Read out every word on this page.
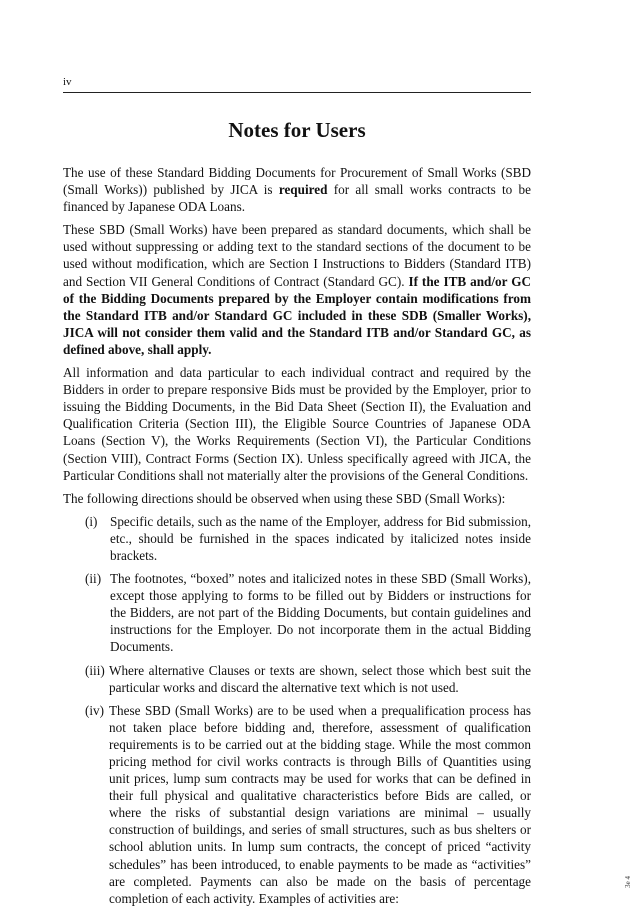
iv
Notes for Users

The use of these Standard Bidding Documents for Procurement of Small Works (SBD (Small Works)) published by JICA is required for all small works contracts to be financed by Japanese ODA Loans.

These SBD (Small Works) have been prepared as standard documents, which shall be used without suppressing or adding text to the standard sections of the document to be used without modification, which are Section I Instructions to Bidders (Standard ITB) and Section VII General Conditions of Contract (Standard GC). If the ITB and/or GC of the Bidding Documents prepared by the Employer contain modifications from the Standard ITB and/or Standard GC included in these SDB (Smaller Works), JICA will not consider them valid and the Standard ITB and/or Standard GC, as defined above, shall apply.

All information and data particular to each individual contract and required by the Bidders in order to prepare responsive Bids must be provided by the Employer, prior to issuing the Bidding Documents, in the Bid Data Sheet (Section II), the Evaluation and Qualification Criteria (Section III), the Eligible Source Countries of Japanese ODA Loans (Section V), the Works Requirements (Section VI), the Particular Conditions (Section VIII), Contract Forms (Section IX). Unless specifically agreed with JICA, the Particular Conditions shall not materially alter the provisions of the General Conditions.

The following directions should be observed when using these SBD (Small Works):

(i) Specific details, such as the name of the Employer, address for Bid submission, etc., should be furnished in the spaces indicated by italicized notes inside brackets.
(ii) The footnotes, “boxed” notes and italicized notes in these SBD (Small Works), except those applying to forms to be filled out by Bidders or instructions for the Bidders, are not part of the Bidding Documents, but contain guidelines and instructions for the Employer. Do not incorporate them in the actual Bidding Documents.
(iii) Where alternative Clauses or texts are shown, select those which best suit the particular works and discard the alternative text which is not used.
(iv) These SBD (Small Works) are to be used when a prequalification process has not taken place before bidding and, therefore, assessment of qualification requirements is to be carried out at the bidding stage. While the most common pricing method for civil works contracts is through Bills of Quantities using unit prices, lump sum contracts may be used for works that can be defined in their full physical and qualitative characteristics before Bids are called, or where the risks of substantial design variations are minimal – usually construction of buildings, and series of small structures, such as bus shelters or school ablution units. In lump sum contracts, the concept of priced “activity schedules” has been introduced, to enable payments to be made as “activities” are completed. Payments can also be made on the basis of percentage completion of each activity. Examples of activities are:
3e 4
